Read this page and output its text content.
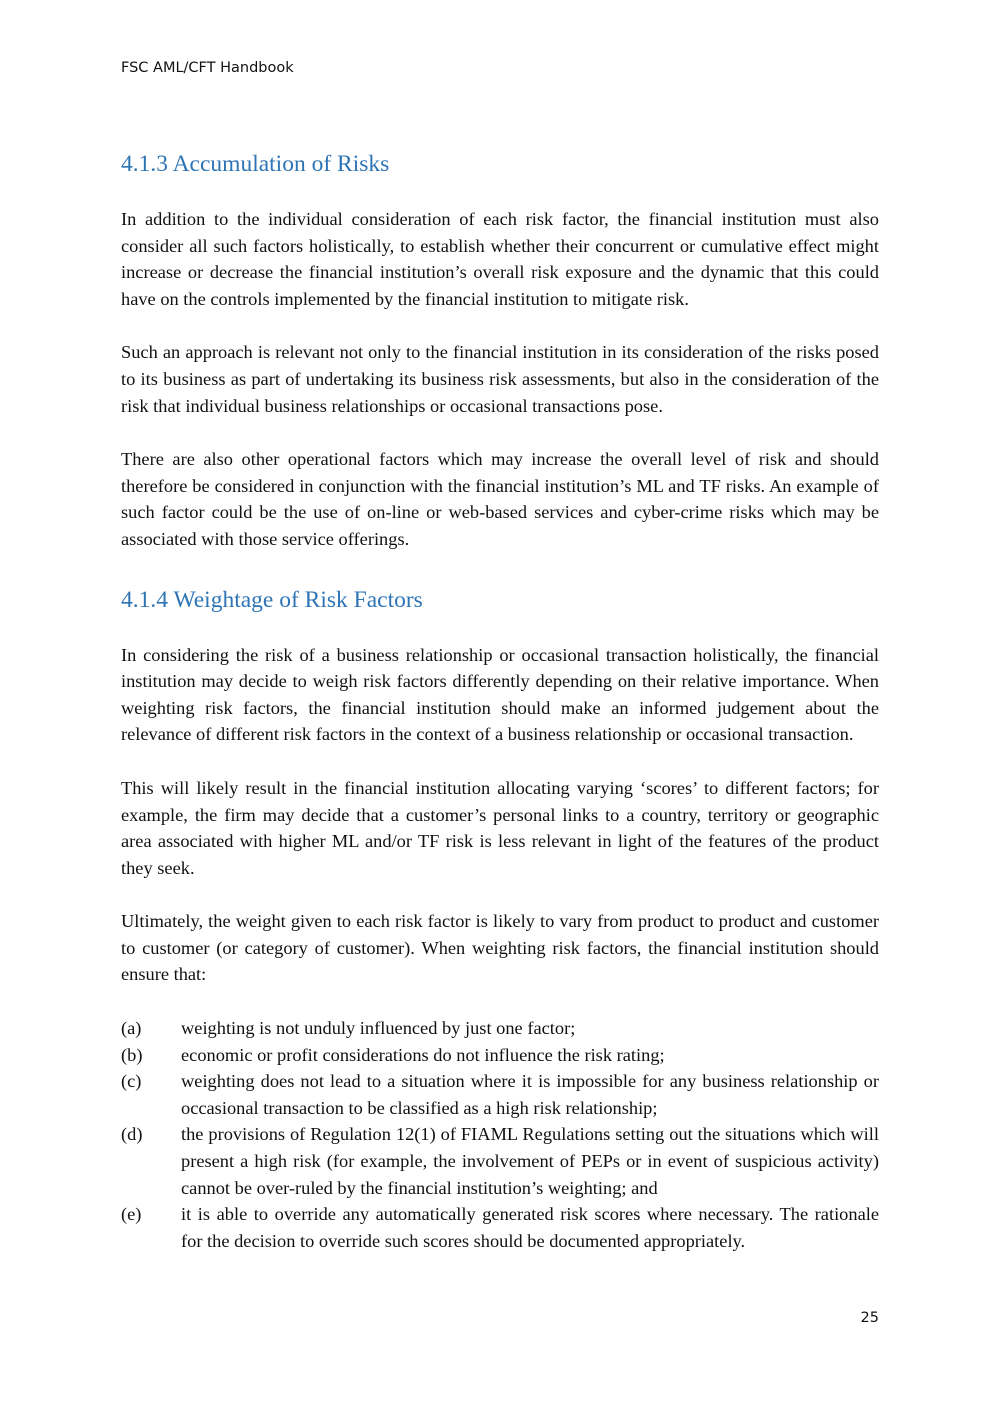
FSC AML/CFT Handbook
4.1.3 Accumulation of Risks

In addition to the individual consideration of each risk factor, the financial institution must also consider all such factors holistically, to establish whether their concurrent or cumulative effect might increase or decrease the financial institution’s overall risk exposure and the dynamic that this could have on the controls implemented by the financial institution to mitigate risk.

Such an approach is relevant not only to the financial institution in its consideration of the risks posed to its business as part of undertaking its business risk assessments, but also in the consideration of the risk that individual business relationships or occasional transactions pose.

There are also other operational factors which may increase the overall level of risk and should therefore be considered in conjunction with the financial institution’s ML and TF risks. An example of such factor could be the use of on-line or web-based services and cyber-crime risks which may be associated with those service offerings.

4.1.4 Weightage of Risk Factors

In considering the risk of a business relationship or occasional transaction holistically, the financial institution may decide to weigh risk factors differently depending on their relative importance. When weighting risk factors, the financial institution should make an informed judgement about the relevance of different risk factors in the context of a business relationship or occasional transaction.

This will likely result in the financial institution allocating varying ‘scores’ to different factors; for example, the firm may decide that a customer’s personal links to a country, territory or geographic area associated with higher ML and/or TF risk is less relevant in light of the features of the product they seek.

Ultimately, the weight given to each risk factor is likely to vary from product to product and customer to customer (or category of customer). When weighting risk factors, the financial institution should ensure that:

(a)	weighting is not unduly influenced by just one factor;
(b)	economic or profit considerations do not influence the risk rating;
(c)	weighting does not lead to a situation where it is impossible for any business relationship or occasional transaction to be classified as a high risk relationship;
(d)	the provisions of Regulation 12(1) of FIAML Regulations setting out the situations which will present a high risk (for example, the involvement of PEPs or in event of suspicious activity) cannot be over-ruled by the financial institution’s weighting; and
(e)	it is able to override any automatically generated risk scores where necessary. The rationale for the decision to override such scores should be documented appropriately.
25
